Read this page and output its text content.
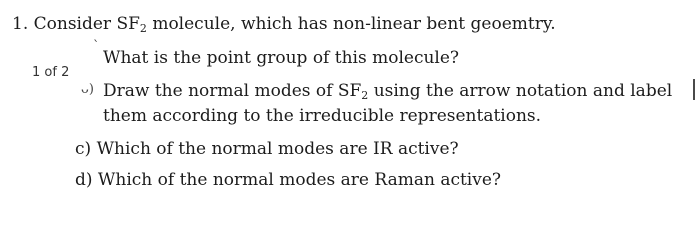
1. Consider $SF_2$ molecule, which has non-linear bent geoemtry.
ˋ
What is the point group of this molecule?
1 of 2
ᴗ) Draw the normal modes of $SF_2$ using the arrow notation and label
them according to the irreducible representations.
c) Which of the normal modes are IR active?
d) Which of the normal modes are Raman active?
